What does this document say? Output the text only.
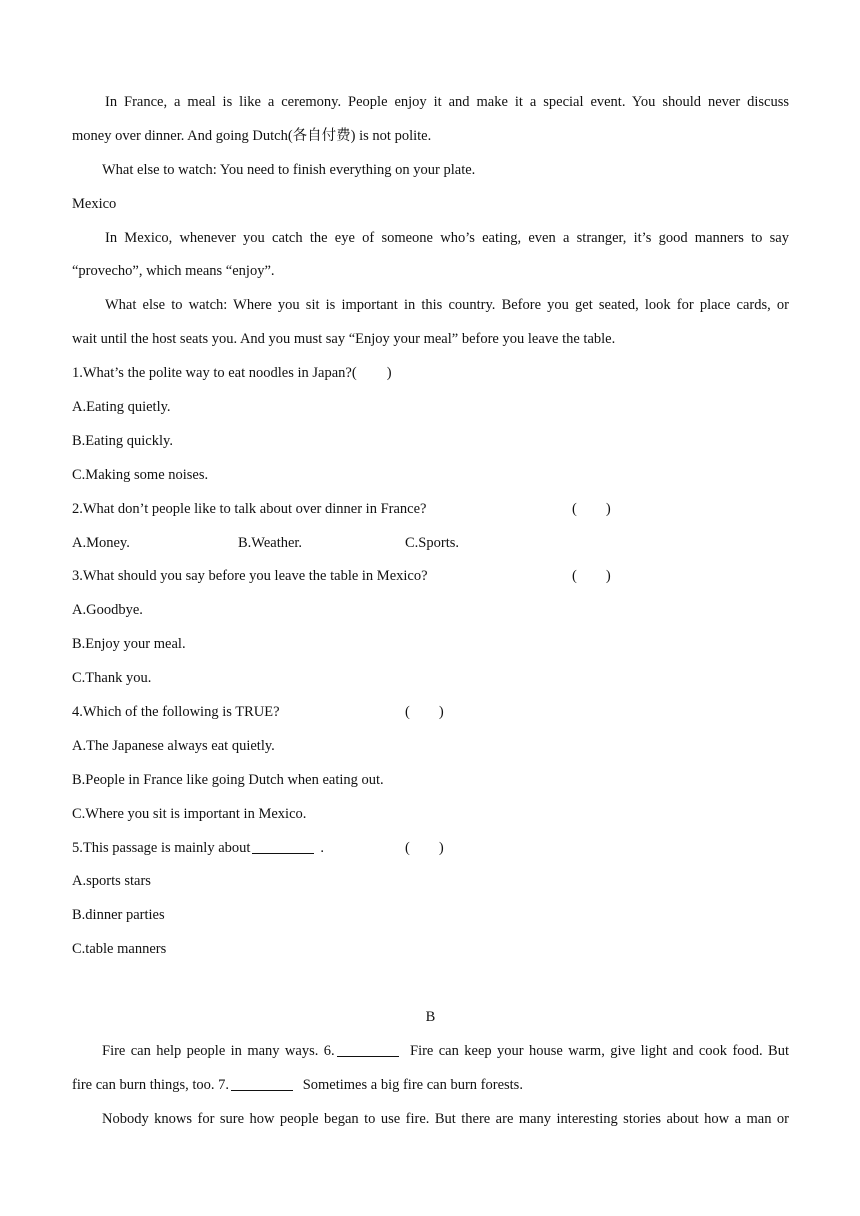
In France, a meal is like a ceremony. People enjoy it and make it a special event. You should never discuss
money over dinner. And going Dutch(各自付费) is not polite.
What else to watch: You need to finish everything on your plate.
Mexico
In Mexico, whenever you catch the eye of someone who’s eating, even a stranger, it’s good manners to say
“provecho”, which means “enjoy”.
What else to watch: Where you sit is important in this country. Before you get seated, look for place cards, or
wait until the host seats you. And you must say “Enjoy your meal” before you leave the table.
1.What’s the polite way to eat noodles in Japan?( )
A.Eating quietly.
B.Eating quickly.
C.Making some noises.
2.What don’t people like to talk about over dinner in France?	(        )
A.Money.	B.Weather.	C.Sports.
3.What should you say before you leave the table in Mexico?	(        )
A.Goodbye.
B.Enjoy your meal.
C.Thank you.
4.Which of the following is TRUE?	(        )
A.The Japanese always eat quietly.
B.People in France like going Dutch when eating out.
C.Where you sit is important in Mexico.
5.This passage is mainly about	.	(        )
A.sports stars
B.dinner parties
C.table manners
B
Fire can help people in many ways. 6.	Fire can keep your house warm, give light and cook food. But
fire can burn things, too. 7.	Sometimes a big fire can burn forests.
Nobody knows for sure how people began to use fire. But there are many interesting stories about how a man or
